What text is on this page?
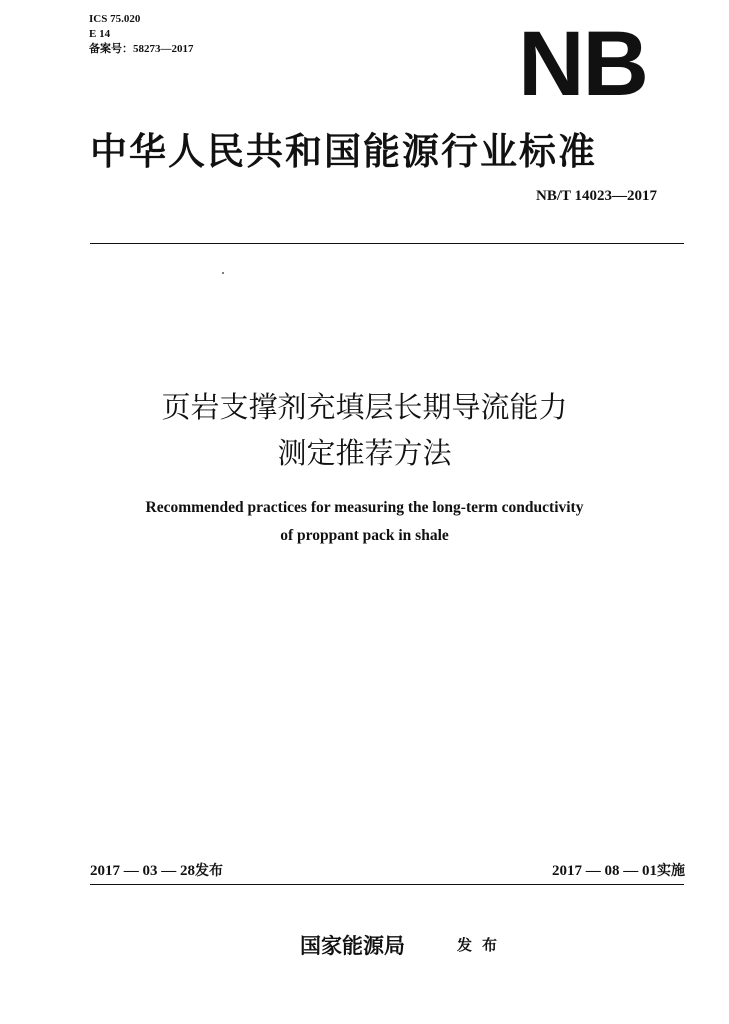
ICS 75.020
E 14
备案号：58273—2017	NB
中华人民共和国能源行业标准
NB/T 14023—2017
页岩支撑剂充填层长期导流能力
测定推荐方法
Recommended practices for measuring the long-term conductivity
of proppant pack in shale
2017 — 03 — 28发布	2017 — 08 — 01实施
国家能源局	发布
